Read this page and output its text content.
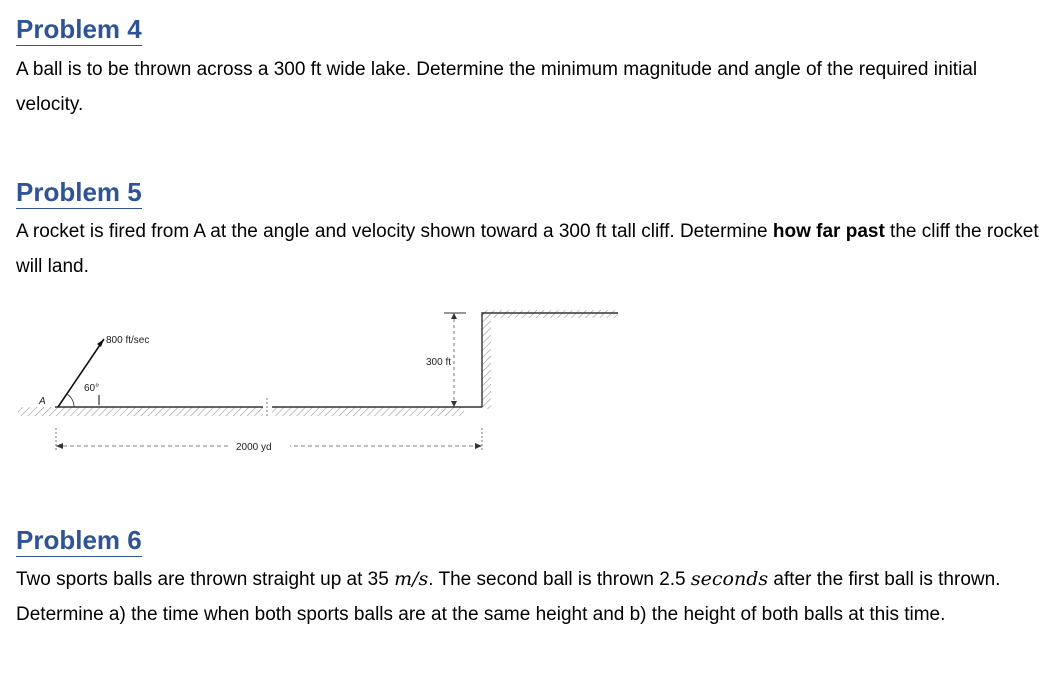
Problem 4

A ball is to be thrown across a 300 ft wide lake. Determine the minimum magnitude and angle of the required initial velocity.

Problem 5

A rocket is fired from A at the angle and velocity shown toward a 300 ft tall cliff. Determine how far past the cliff the rocket will land.

800 ft/sec
60°
A
300 ft
2000 yd
Problem 6

Two sports balls are thrown straight up at 35 m/s. The second ball is thrown 2.5 seconds after the first ball is thrown. Determine a) the time when both sports balls are at the same height and b) the height of both balls at this time.
